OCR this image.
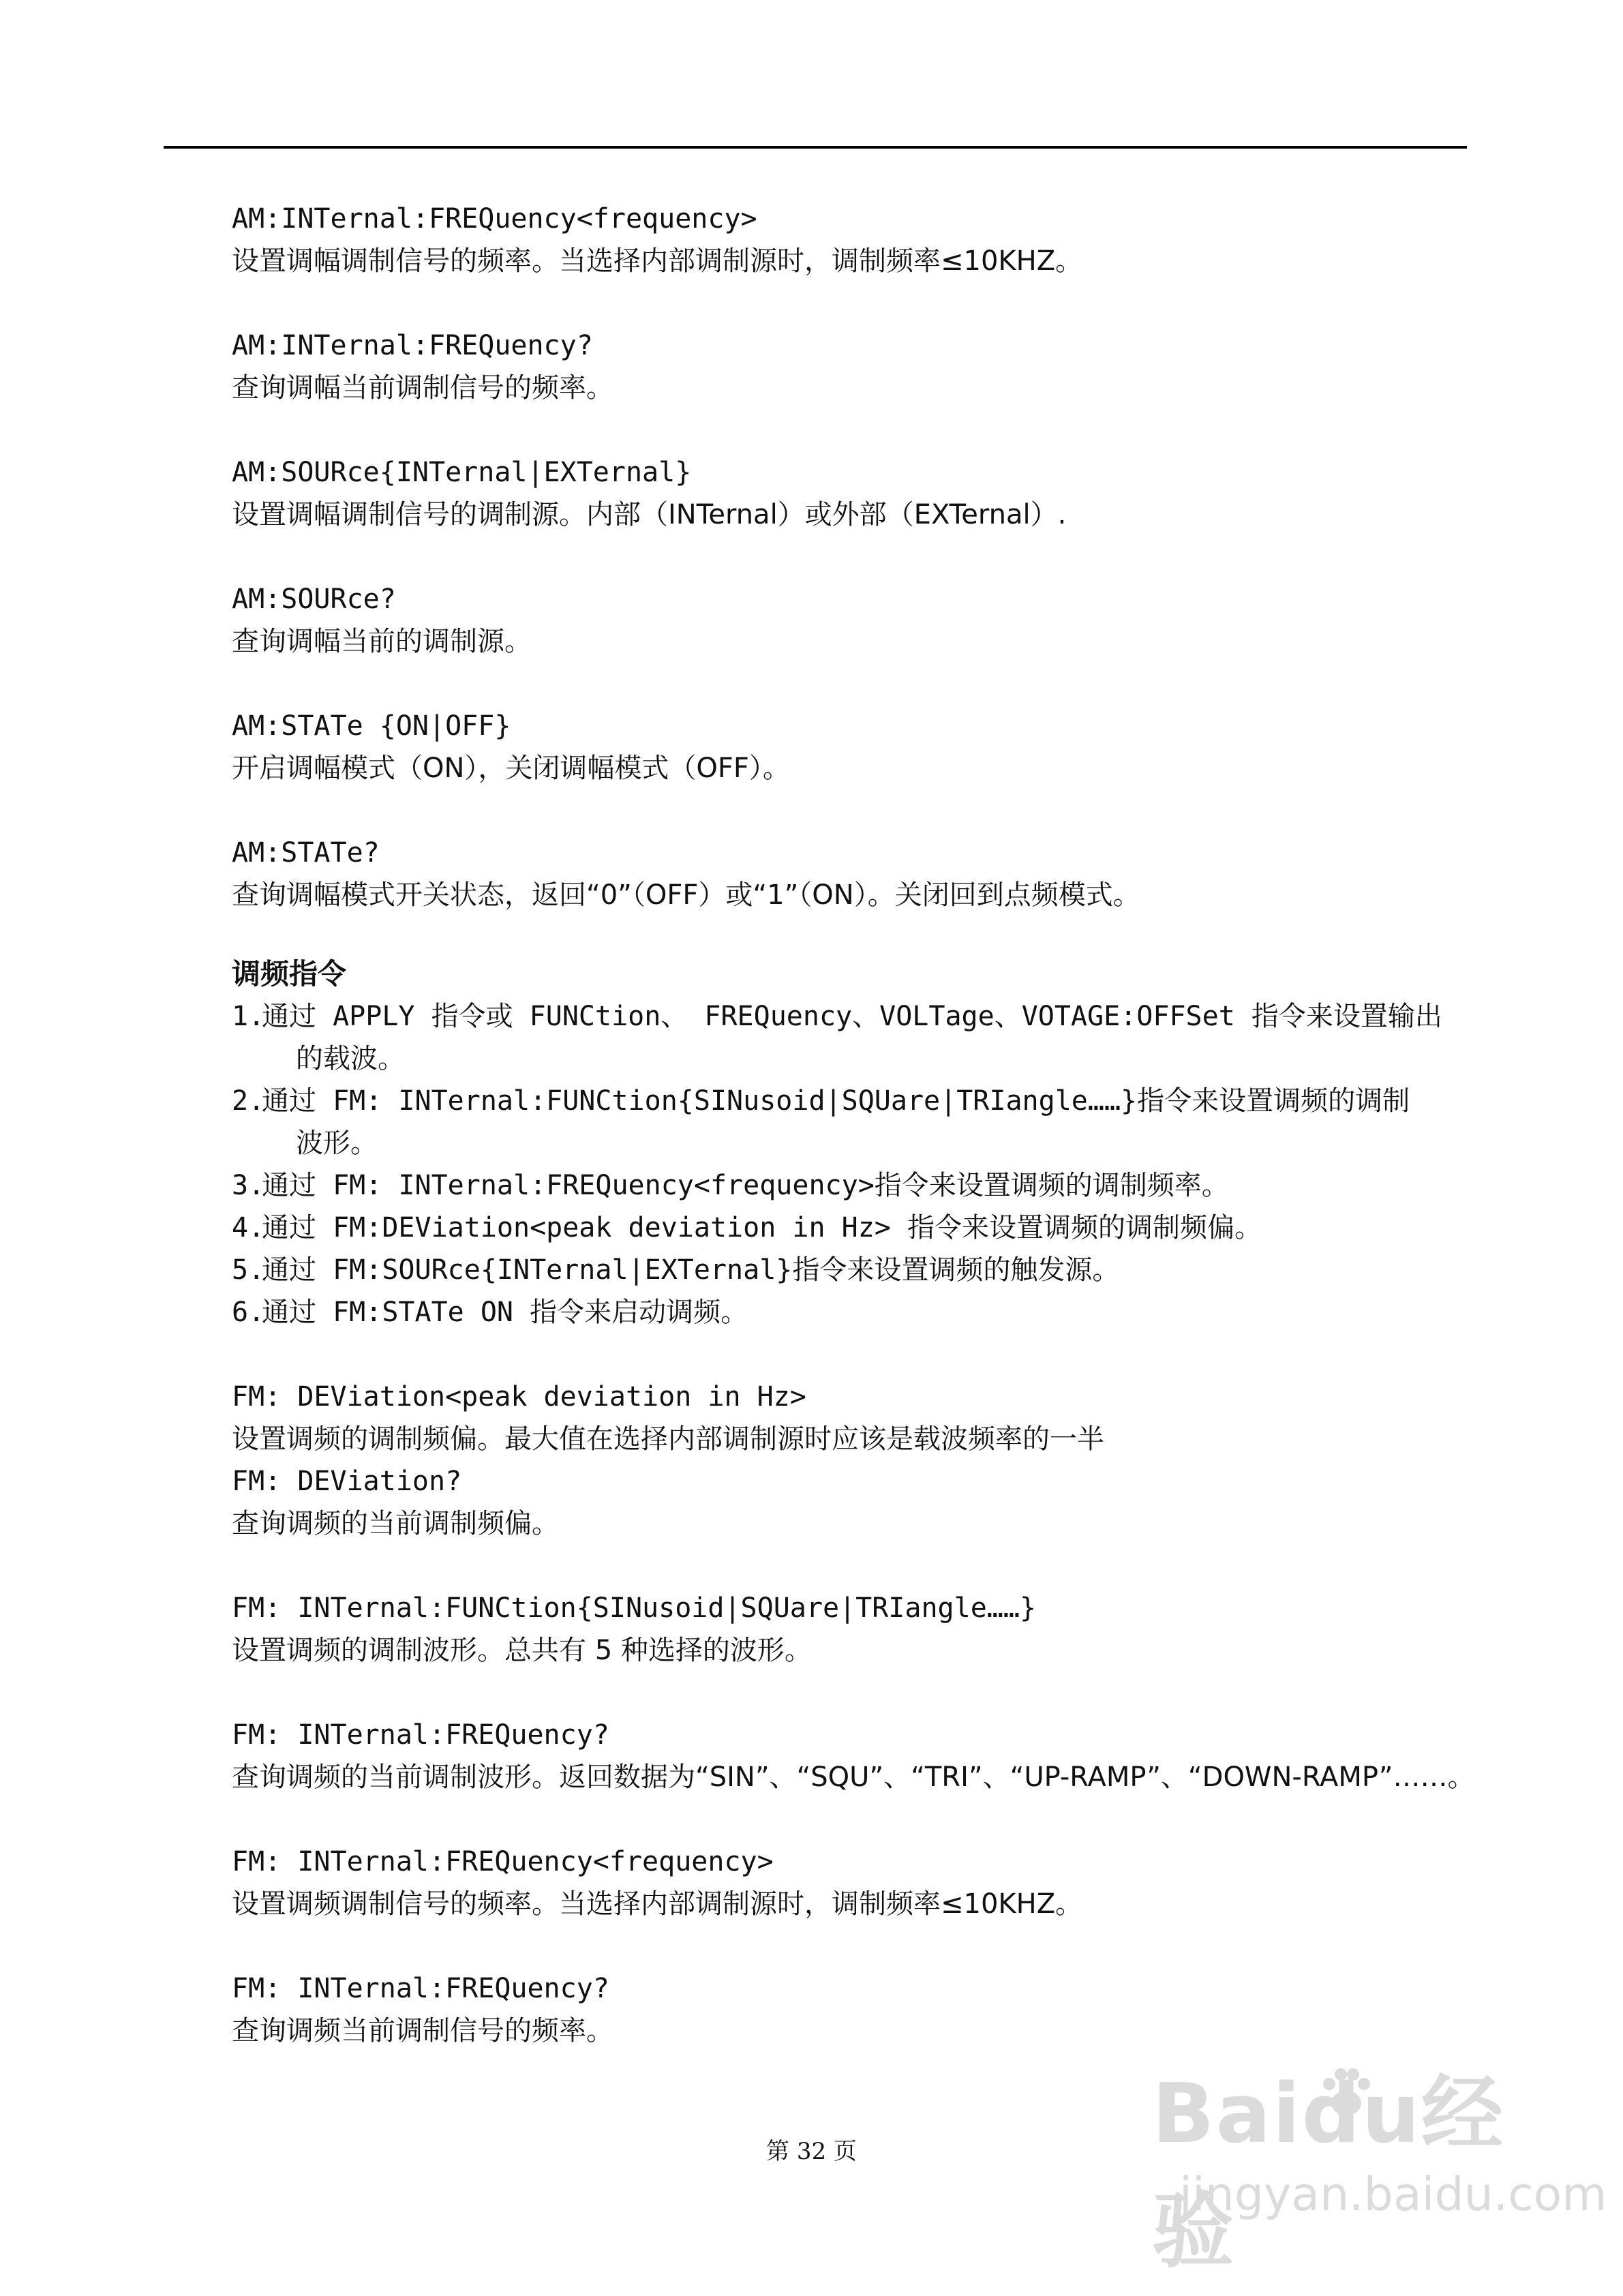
AM:INTernal:FREQuency<frequency>
设置调幅调制信号的频率。当选择内部调制源时，调制频率≤10KHZ。
AM:INTernal:FREQuency?
查询调幅当前调制信号的频率。
AM:SOURce{INTernal|EXTernal}
设置调幅调制信号的调制源。内部（INTernal）或外部（EXTernal）.
AM:SOURce?
查询调幅当前的调制源。
AM:STATe {ON|OFF}
开启调幅模式（ON），关闭调幅模式（OFF）。
AM:STATe?
查询调幅模式开关状态，返回“0”（OFF）或“1”（ON）。关闭回到点频模式。
调频指令
1.通过 APPLY 指令或 FUNCtion、 FREQuency、VOLTage、VOTAGE:OFFSet 指令来设置输出
的载波。
2.通过 FM: INTernal:FUNCtion{SINusoid|SQUare|TRIangle……}指令来设置调频的调制
波形。
3.通过 FM: INTernal:FREQuency<frequency>指令来设置调频的调制频率。
4.通过 FM:DEViation<peak deviation in Hz> 指令来设置调频的调制频偏。
5.通过 FM:SOURce{INTernal|EXTernal}指令来设置调频的触发源。
6.通过 FM:STATe ON 指令来启动调频。
FM: DEViation<peak deviation in Hz>
设置调频的调制频偏。最大值在选择内部调制源时应该是载波频率的一半
FM: DEViation?
查询调频的当前调制频偏。
FM: INTernal:FUNCtion{SINusoid|SQUare|TRIangle……}
设置调频的调制波形。总共有 5 种选择的波形。
FM: INTernal:FREQuency?
查询调频的当前调制波形。返回数据为“SIN”、“SQU”、“TRI”、“UP-RAMP”、“DOWN-RAMP”……。
FM: INTernal:FREQuency<frequency>
设置调频调制信号的频率。当选择内部调制源时，调制频率≤10KHZ。
FM: INTernal:FREQuency?
查询调频当前调制信号的频率。
第 32 页	Baidu经验
jingyan.baidu.com
